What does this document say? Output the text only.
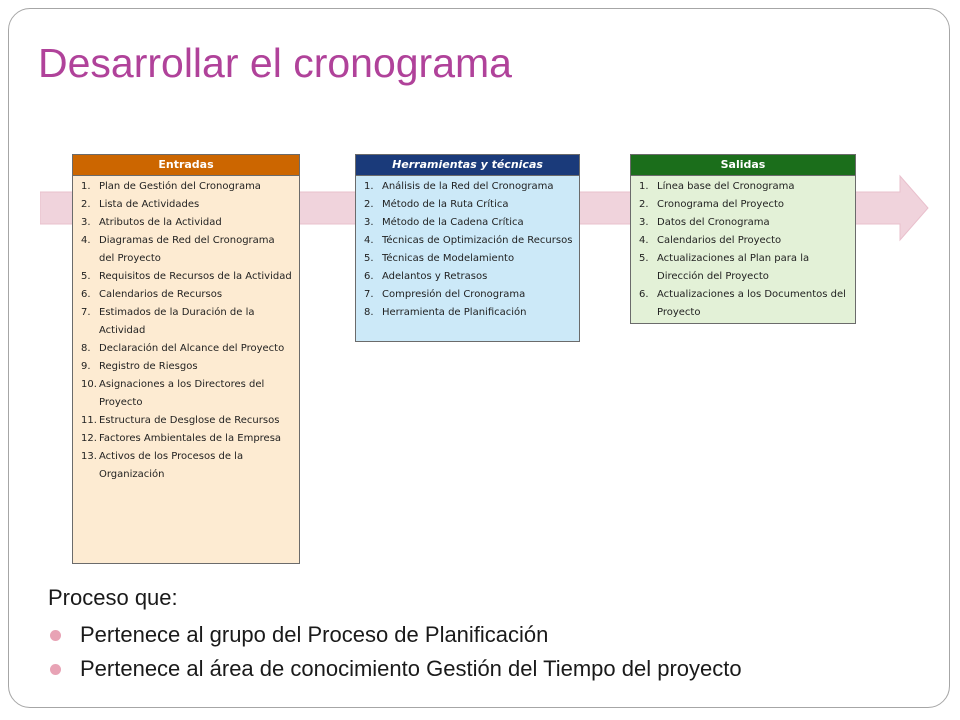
Desarrollar el cronograma
Entradas
1. Plan de Gestión del Cronograma
2. Lista de Actividades
3. Atributos de la Actividad
4. Diagramas de Red del Cronograma del Proyecto
5. Requisitos de Recursos de la Actividad
6. Calendarios de Recursos
7. Estimados de la Duración de la Actividad
8. Declaración del Alcance del Proyecto
9. Registro de Riesgos
10. Asignaciones a los Directores del Proyecto
11. Estructura de Desglose de Recursos
12. Factores Ambientales de la Empresa
13. Activos de los Procesos de la Organización
Herramientas y técnicas
1. Análisis de la Red del Cronograma
2. Método de la Ruta Crítica
3. Método de la Cadena Crítica
4. Técnicas de Optimización de Recursos
5. Técnicas de Modelamiento
6. Adelantos y Retrasos
7. Compresión del Cronograma
8. Herramienta de Planificación
Salidas
1. Línea base del Cronograma
2. Cronograma del Proyecto
3. Datos del Cronograma
4. Calendarios del Proyecto
5. Actualizaciones al Plan para la Dirección del Proyecto
6. Actualizaciones a los Documentos del Proyecto

Proceso que:

Pertenece al grupo del Proceso de Planificación
Pertenece al área de conocimiento Gestión del Tiempo del proyecto
